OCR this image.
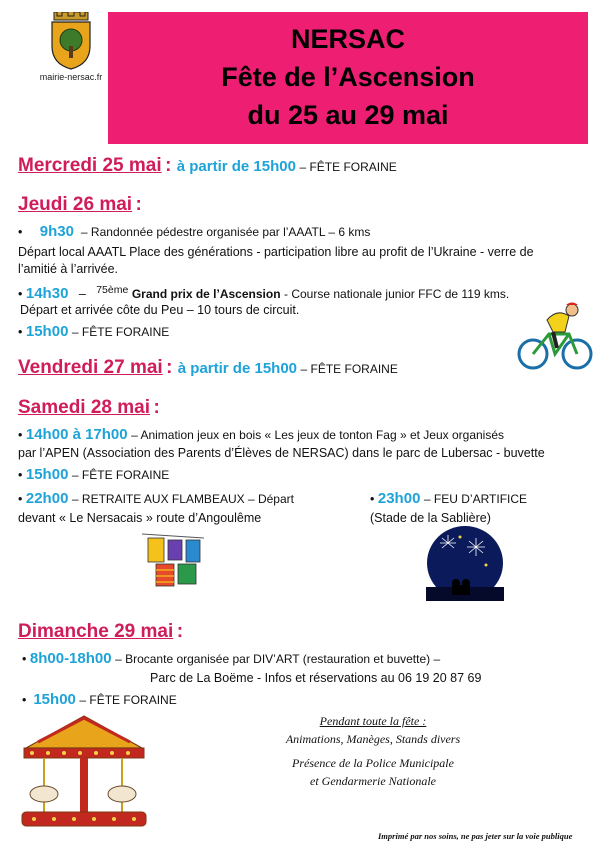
mairie-nersac.fr
NERSAC
Fête de l’Ascension
du 25 au 29 mai
Mercredi 25 mai : à partir de 15h00 – FÊTE FORAINE
Jeudi 26 mai :
• 9h30 – Randonnée pédestre organisée par l’AAATL – 6 kms
Départ local AAATL Place des générations - participation libre au profit de l’Ukraine - verre de
l’amitié à l’arrivée.
• 14h30 – $^{75ème}$ Grand prix de l’Ascension - Course nationale junior FFC de 119 kms.
Départ et arrivée côte du Peu – 10 tours de circuit.
• 15h00 – FÊTE FORAINE
Vendredi 27 mai : à partir de 15h00 – FÊTE FORAINE
Samedi 28 mai :
• 14h00 à 17h00 – Animation jeux en bois « Les jeux de tonton Fag » et Jeux organisés
par l’APEN (Association des Parents d’Élèves de NERSAC) dans le parc de Lubersac - buvette
• 15h00 – FÊTE FORAINE
• 22h00 – RETRAITE AUX FLAMBEAUX – Départ
devant « Le Nersacais » route d’Angoulême
• 23h00 – FEU D’ARTIFICE
(Stade de la Sablière)
Dimanche 29 mai :
• 8h00-18h00 – Brocante organisée par DIV’ART (restauration et buvette) –
Parc de La Boëme - Infos et réservations au 06 19 20 87 69
• 15h00 – FÊTE FORAINE
Pendant toute la fête :
Animations, Manèges, Stands divers
Présence de la Police Municipale
et Gendarmerie Nationale
Imprimé par nos soins, ne pas jeter sur la voie publique
